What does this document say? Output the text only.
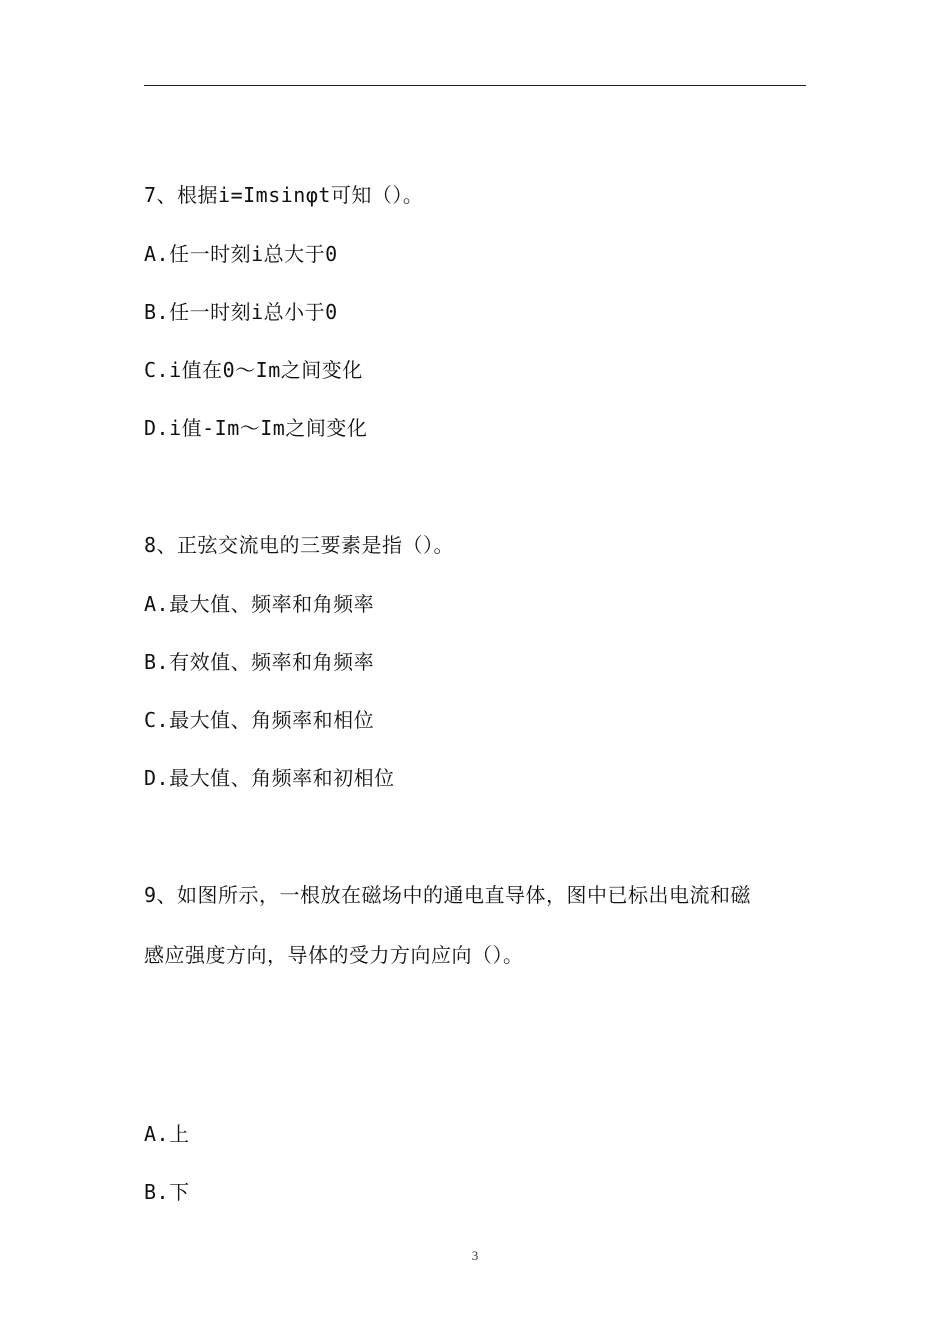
7、根据i=Imsinφt可知（）。
A.任一时刻i总大于0
B.任一时刻i总小于0
C.i值在0～Im之间变化
D.i值-Im～Im之间变化
8、正弦交流电的三要素是指（）。
A.最大值、频率和角频率
B.有效值、频率和角频率
C.最大值、角频率和相位
D.最大值、角频率和初相位
9、如图所示，一根放在磁场中的通电直导体，图中已标出电流和磁
感应强度方向，导体的受力方向应向（）。
A.上
B.下
3
